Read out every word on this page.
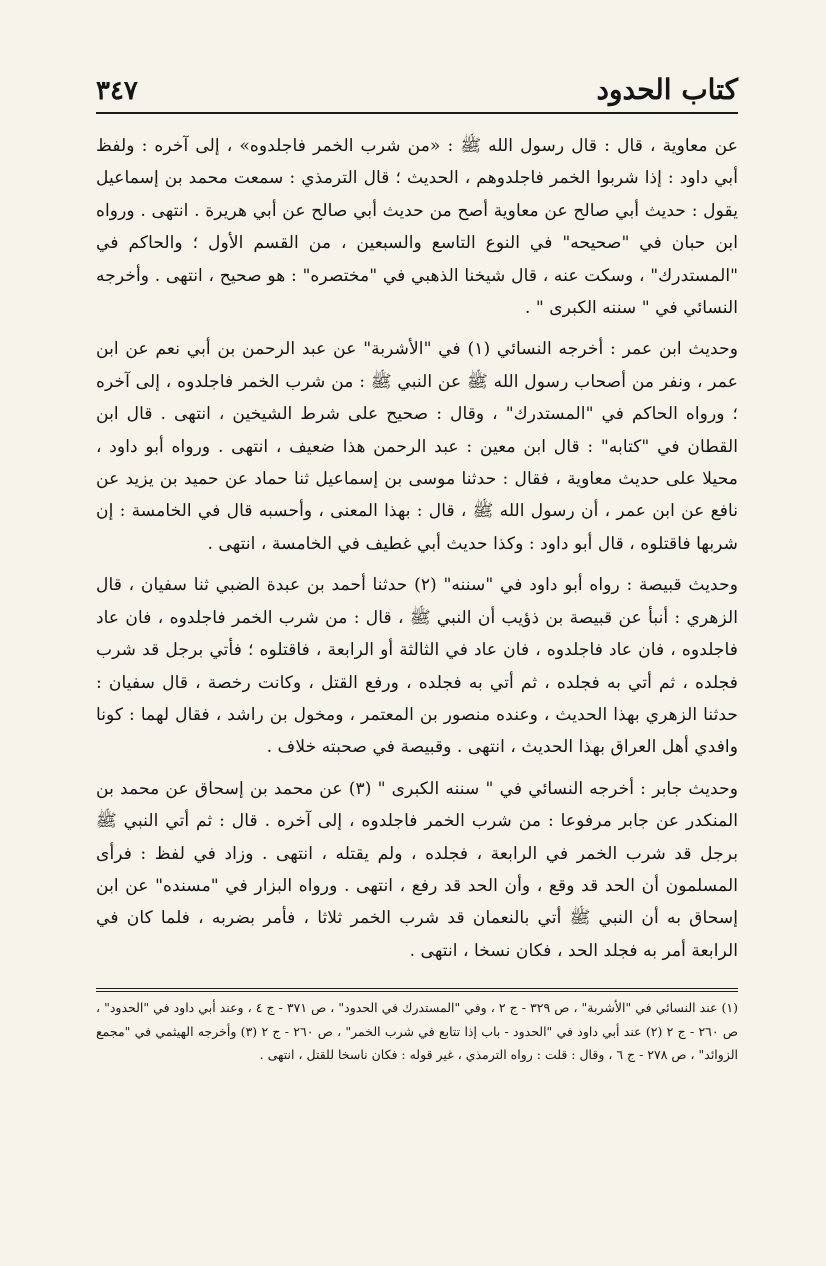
كتاب الحدود
٣٤٧

عن معاوية ، قال : قال رسول الله ﷺ : «من شرب الخمر فاجلدوه» ، إلى آخره : ولفظ أبي داود : إذا شربوا الخمر فاجلدوهم ، الحديث ؛ قال الترمذي : سمعت محمد بن إسماعيل يقول : حديث أبي صالح عن معاوية أصح من حديث أبي صالح عن أبي هريرة . انتهى . ورواه ابن حبان في "صحيحه" في النوع التاسع والسبعين ، من القسم الأول ؛ والحاكم في "المستدرك" ، وسكت عنه ، قال شيخنا الذهبي في "مختصره" : هو صحيح ، انتهى . وأخرجه النسائي في " سننه الكبرى " .

وحديث ابن عمر : أخرجه النسائي (١) في "الأشربة" عن عبد الرحمن بن أبي نعم عن ابن عمر ، ونفر من أصحاب رسول الله ﷺ عن النبي ﷺ : من شرب الخمر فاجلدوه ، إلى آخره ؛ ورواه الحاكم في "المستدرك" ، وقال : صحيح على شرط الشيخين ، انتهى . قال ابن القطان في "كتابه" : قال ابن معين : عبد الرحمن هذا ضعيف ، انتهى . ورواه أبو داود ، محيلا على حديث معاوية ، فقال : حدثنا موسى بن إسماعيل ثنا حماد عن حميد بن يزيد عن نافع عن ابن عمر ، أن رسول الله ﷺ ، قال : بهذا المعنى ، وأحسبه قال في الخامسة : إن شربها فاقتلوه ، قال أبو داود : وكذا حديث أبي غطيف في الخامسة ، انتهى .

وحديث قبيصة : رواه أبو داود في "سننه" (٢) حدثنا أحمد بن عبدة الضبي ثنا سفيان ، قال الزهري : أنبأ عن قبيصة بن ذؤيب أن النبي ﷺ ، قال : من شرب الخمر فاجلدوه ، فان عاد فاجلدوه ، فان عاد فاجلدوه ، فان عاد في الثالثة أو الرابعة ، فاقتلوه ؛ فأتي برجل قد شرب فجلده ، ثم أتي به فجلده ، ثم أتي به فجلده ، ورفع القتل ، وكانت رخصة ، قال سفيان : حدثنا الزهري بهذا الحديث ، وعنده منصور بن المعتمر ، ومخول بن راشد ، فقال لهما : كونا وافدي أهل العراق بهذا الحديث ، انتهى . وقبيصة في صحبته خلاف .

وحديث جابر : أخرجه النسائي في " سننه الكبرى " (٣) عن محمد بن إسحاق عن محمد بن المنكدر عن جابر مرفوعا : من شرب الخمر فاجلدوه ، إلى آخره . قال : ثم أتي النبي ﷺ برجل قد شرب الخمر في الرابعة ، فجلده ، ولم يقتله ، انتهى . وزاد في لفظ : فرأى المسلمون أن الحد قد وقع ، وأن الحد قد رفع ، انتهى . ورواه البزار في "مسنده" عن ابن إسحاق به أن النبي ﷺ أتي بالنعمان قد شرب الخمر ثلاثا ، فأمر بضربه ، فلما كان في الرابعة أمر به فجلد الحد ، فكان نسخا ، انتهى .

(١) عند النسائي في "الأشربة" ، ص ٣٢٩ - ج ٢ ، وفي "المستدرك في الحدود" ، ص ٣٧١ - ج ٤ ، وعند أبي داود في "الحدود" ، ص ٢٦٠ - ج ٢ (٢) عند أبي داود في "الحدود - باب إذا تتابع في شرب الخمر" ، ص ٢٦٠ - ج ٢ (٣) وأخرجه الهيثمي في "مجمع الزوائد" ، ص ٢٧٨ - ج ٦ ، وقال : قلت : رواه الترمذي ، غير قوله : فكان ناسخا للقتل ، انتهى .
